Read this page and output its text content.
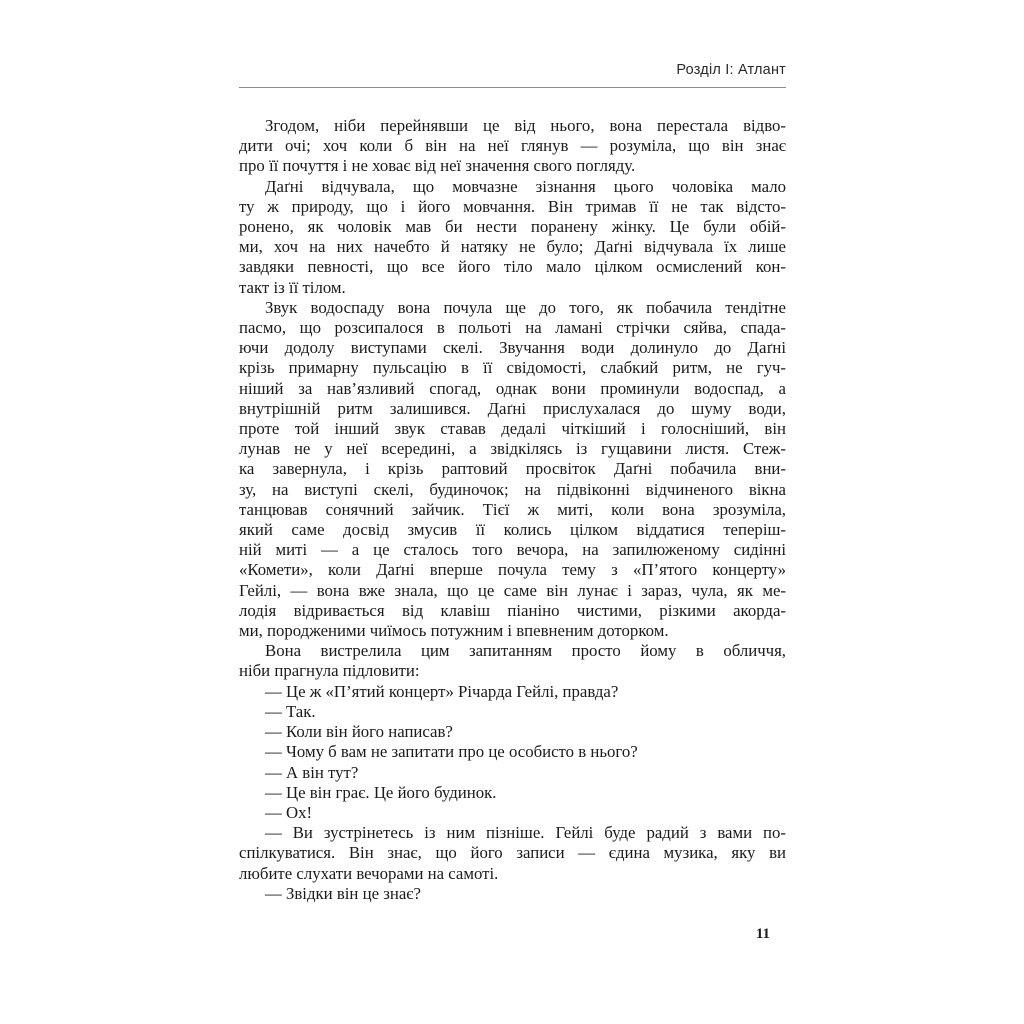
Розділ І: Атлант

Згодом, ніби перейнявши це від нього, вона перестала відво-
дити очі; хоч коли б він на неї глянув — розуміла, що він знає
про її почуття і не ховає від неї значення свого погляду.

Даґні відчувала, що мовчазне зізнання цього чоловіка мало
ту ж природу, що і його мовчання. Він тримав її не так відсто-
ронено, як чоловік мав би нести поранену жінку. Це були обій-
ми, хоч на них начебто й натяку не було; Даґні відчувала їх лише
завдяки певності, що все його тіло мало цілком осмислений кон-
такт із її тілом.

Звук водоспаду вона почула ще до того, як побачила тендітне
пасмо, що розсипалося в польоті на ламані стрічки сяйва, спада-
ючи додолу виступами скелі. Звучання води долинуло до Даґні
крізь примарну пульсацію в її свідомості, слабкий ритм, не гуч-
ніший за нав’язливий спогад, однак вони проминули водоспад, а
внутрішній ритм залишився. Даґні прислухалася до шуму води,
проте той інший звук ставав дедалі чіткіший і голосніший, він
лунав не у неї всередині, а звідкілясь із гущавини листя. Стеж-
ка завернула, і крізь раптовий просвіток Даґні побачила вни-
зу, на виступі скелі, будиночок; на підвіконні відчиненого вікна
танцював сонячний зайчик. Тієї ж миті, коли вона зрозуміла,
який саме досвід змусив її колись цілком віддатися теперіш-
ній миті — а це сталось того вечора, на запилюженому сидінні
«Комети», коли Даґні вперше почула тему з «П’ятого концерту»
Гейлі, — вона вже знала, що це саме він лунає і зараз, чула, як ме-
лодія відривається від клавіш піаніно чистими, різкими акорда-
ми, породженими чиїмось потужним і впевненим доторком.

Вона вистрелила цим запитанням просто йому в обличчя,
ніби прагнула підловити:

— Це ж «П’ятий концерт» Річарда Гейлі, правда?

— Так.

— Коли він його написав?

— Чому б вам не запитати про це особисто в нього?

— А він тут?

— Це він грає. Це його будинок.

— Ох!

— Ви зустрінетесь із ним пізніше. Гейлі буде радий з вами по-
спілкуватися. Він знає, що його записи — єдина музика, яку ви
любите слухати вечорами на самоті.

— Звідки він це знає?

11
